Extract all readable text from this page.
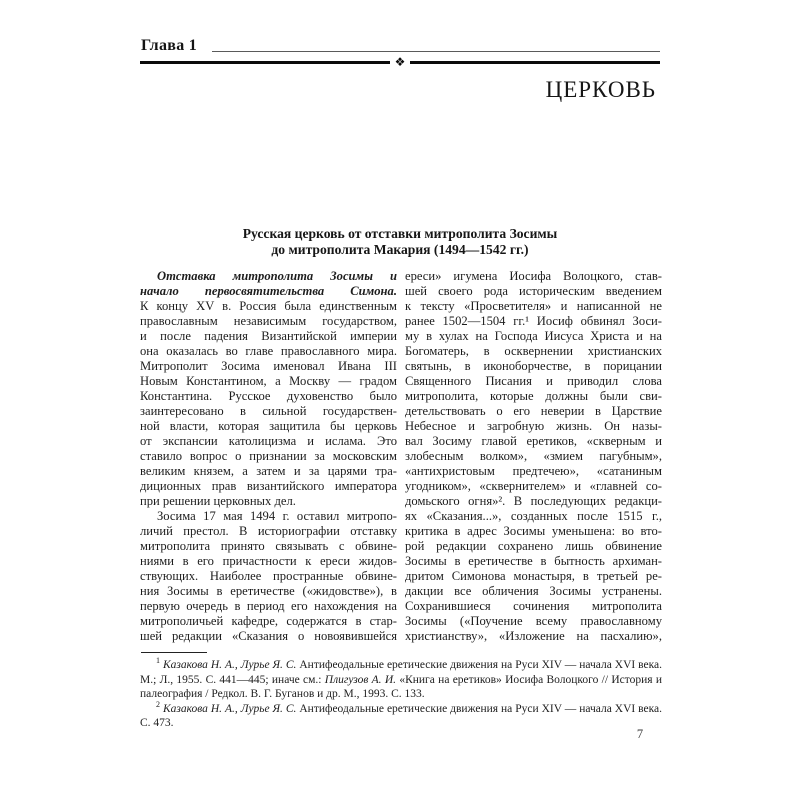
Глава 1
❖
ЦЕРКОВЬ
Русская церковь от отставки митрополита Зосимы
до митрополита Макария (1494—1542 гг.)
Отставка митрополита Зосимы и
начало первосвятительства Симона.
К концу XV в. Россия была единственным
православным независимым государством,
и после падения Византийской империи
она оказалась во главе православного мира.
Митрополит Зосима именовал Ивана III
Новым Константином, а Москву — градом
Константина. Русское духовенство было
заинтересовано в сильной государствен-
ной власти, которая защитила бы церковь
от экспансии католицизма и ислама. Это
ставило вопрос о признании за московским
великим князем, а затем и за царями тра-
диционных прав византийского императора
при решении церковных дел.
Зосима 17 мая 1494 г. оставил митропо-
личий престол. В историографии отставку
митрополита принято связывать с обвине-
ниями в его причастности к ереси жидов-
ствующих. Наиболее пространные обвине-
ния Зосимы в еретичестве («жидовстве»), в
первую очередь в период его нахождения на
митрополичьей кафедре, содержатся в стар-
шей редакции «Сказания о новоявившейся
ереси» игумена Иосифа Волоцкого, став-
шей своего рода историческим введением
к тексту «Просветителя» и написанной не
ранее 1502—1504 гг.¹ Иосиф обвинял Зоси-
му в хулах на Господа Иисуса Христа и на
Богоматерь, в осквернении христианских
святынь, в иконоборчестве, в порицании
Священного Писания и приводил слова
митрополита, которые должны были сви-
детельствовать о его неверии в Царствие
Небесное и загробную жизнь. Он назы-
вал Зосиму главой еретиков, «скверным и
злобесным волком», «змием пагубным»,
«антихристовым предтечею», «сатаниным
угодником», «сквернителем» и «главней со-
домьского огня»². В последующих редакци-
ях «Сказания...», созданных после 1515 г.,
критика в адрес Зосимы уменьшена: во вто-
рой редакции сохранено лишь обвинение
Зосимы в еретичестве в бытность архиман-
дритом Симонова монастыря, в третьей ре-
дакции все обличения Зосимы устранены.
Сохранившиеся сочинения митрополита
Зосимы («Поучение всему православному
христианству», «Изложение на пасхалию»,

$^1$ Казакова Н. А., Лурье Я. С. Антифеодальные еретические движения на Руси XIV — начала XVI века. М.; Л., 1955. С. 441—445; иначе см.: Плигузов А. И. «Книга на еретиков» Иосифа Волоцкого // История и палеография / Редкол. В. Г. Буганов и др. М., 1993. С. 133.

$^2$ Казакова Н. А., Лурье Я. С. Антифеодальные еретические движения на Руси XIV — начала XVI века. С. 473.

7
